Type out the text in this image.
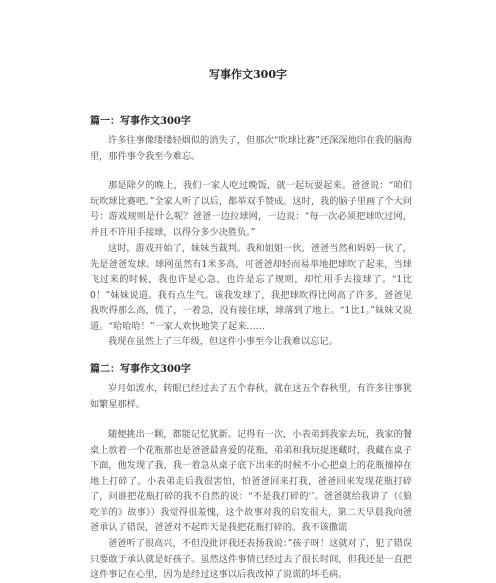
写事作文300字
篇一：写事作文300字
许多往事像缕缕轻烟似的消失了，但那次“吹球比赛”还深深地印在我的脑海里，那件事令我至今难忘。
那是除夕的晚上，我们一家人吃过晚饭，就一起玩耍起来。爸爸说：“咱们玩吹球比赛吧。”全家人听了以后，都举双手赞成。这时，我的脑子里画了个大问号：游戏规则是什么呢？爸爸一边拉球网，一边说：“每一次必须把球吹过网，并且不许用手接球，以得分多少决胜负。”
这时，游戏开始了，妹妹当裁判。我和姐姐一伙，爸爸当然和妈妈一伙了，先是爸爸发球。球网虽然有1米多高，可爸爸却轻而易举地把球吹了起来，当球飞过来的时候，我也许是心急，也许是忘了规则，却忙用手去接球了。“1比0！”妹妹说道。我有点生气。该我发球了，我把球吹得比网高了许多，爸爸见我吹得那么高，慌了，一着急，没有接住球，球落到了地上。“1比1。”妹妹又说道。“哈哈哈！”一家人欢快地笑了起来……
我现在虽然上了三年级，但这件小事至今让我难以忘记。
篇二：写事作文300字
岁月如流水，转眼已经过去了五个春秋，就在这五个春秋里，有许多往事犹如繁星那样。
随便挑出一颗，都能记忆犹新。记得有一次，小表弟到我家去玩，我家的餐桌上放着一个花瓶那也是爸爸最喜爱的花瓶，弟弟和我玩捉迷藏时，我藏在桌子下面，他发现了我，我一着急从桌子底下出来的时候不小心把桌上的花瓶撞掉在地上打碎了。小表弟走后我很害怕，怕爸爸回来打我，爸爸回来发现花瓶打碎了，问谁把花瓶打碎的我不自然的说：“不是我打碎的‘’。爸爸就给我讲了（《狼吃羊的》故事》）我觉得很羞愧，这个故事对我的启发很大，第二天早晨我向爸爸承认了错误，爸爸对不起昨天是我把花瓶打碎的。我不该撒谎
爸爸听了很高兴，不但没批评我还表扬我说：”孩子呀！这就对了，犯了错误只要敢于承认就是好孩子。虽然这件事情已经过去了很长时间，但我还是一直把这件事记在心里，因为是经过这事以后我改掉了说谎的坏毛病。
